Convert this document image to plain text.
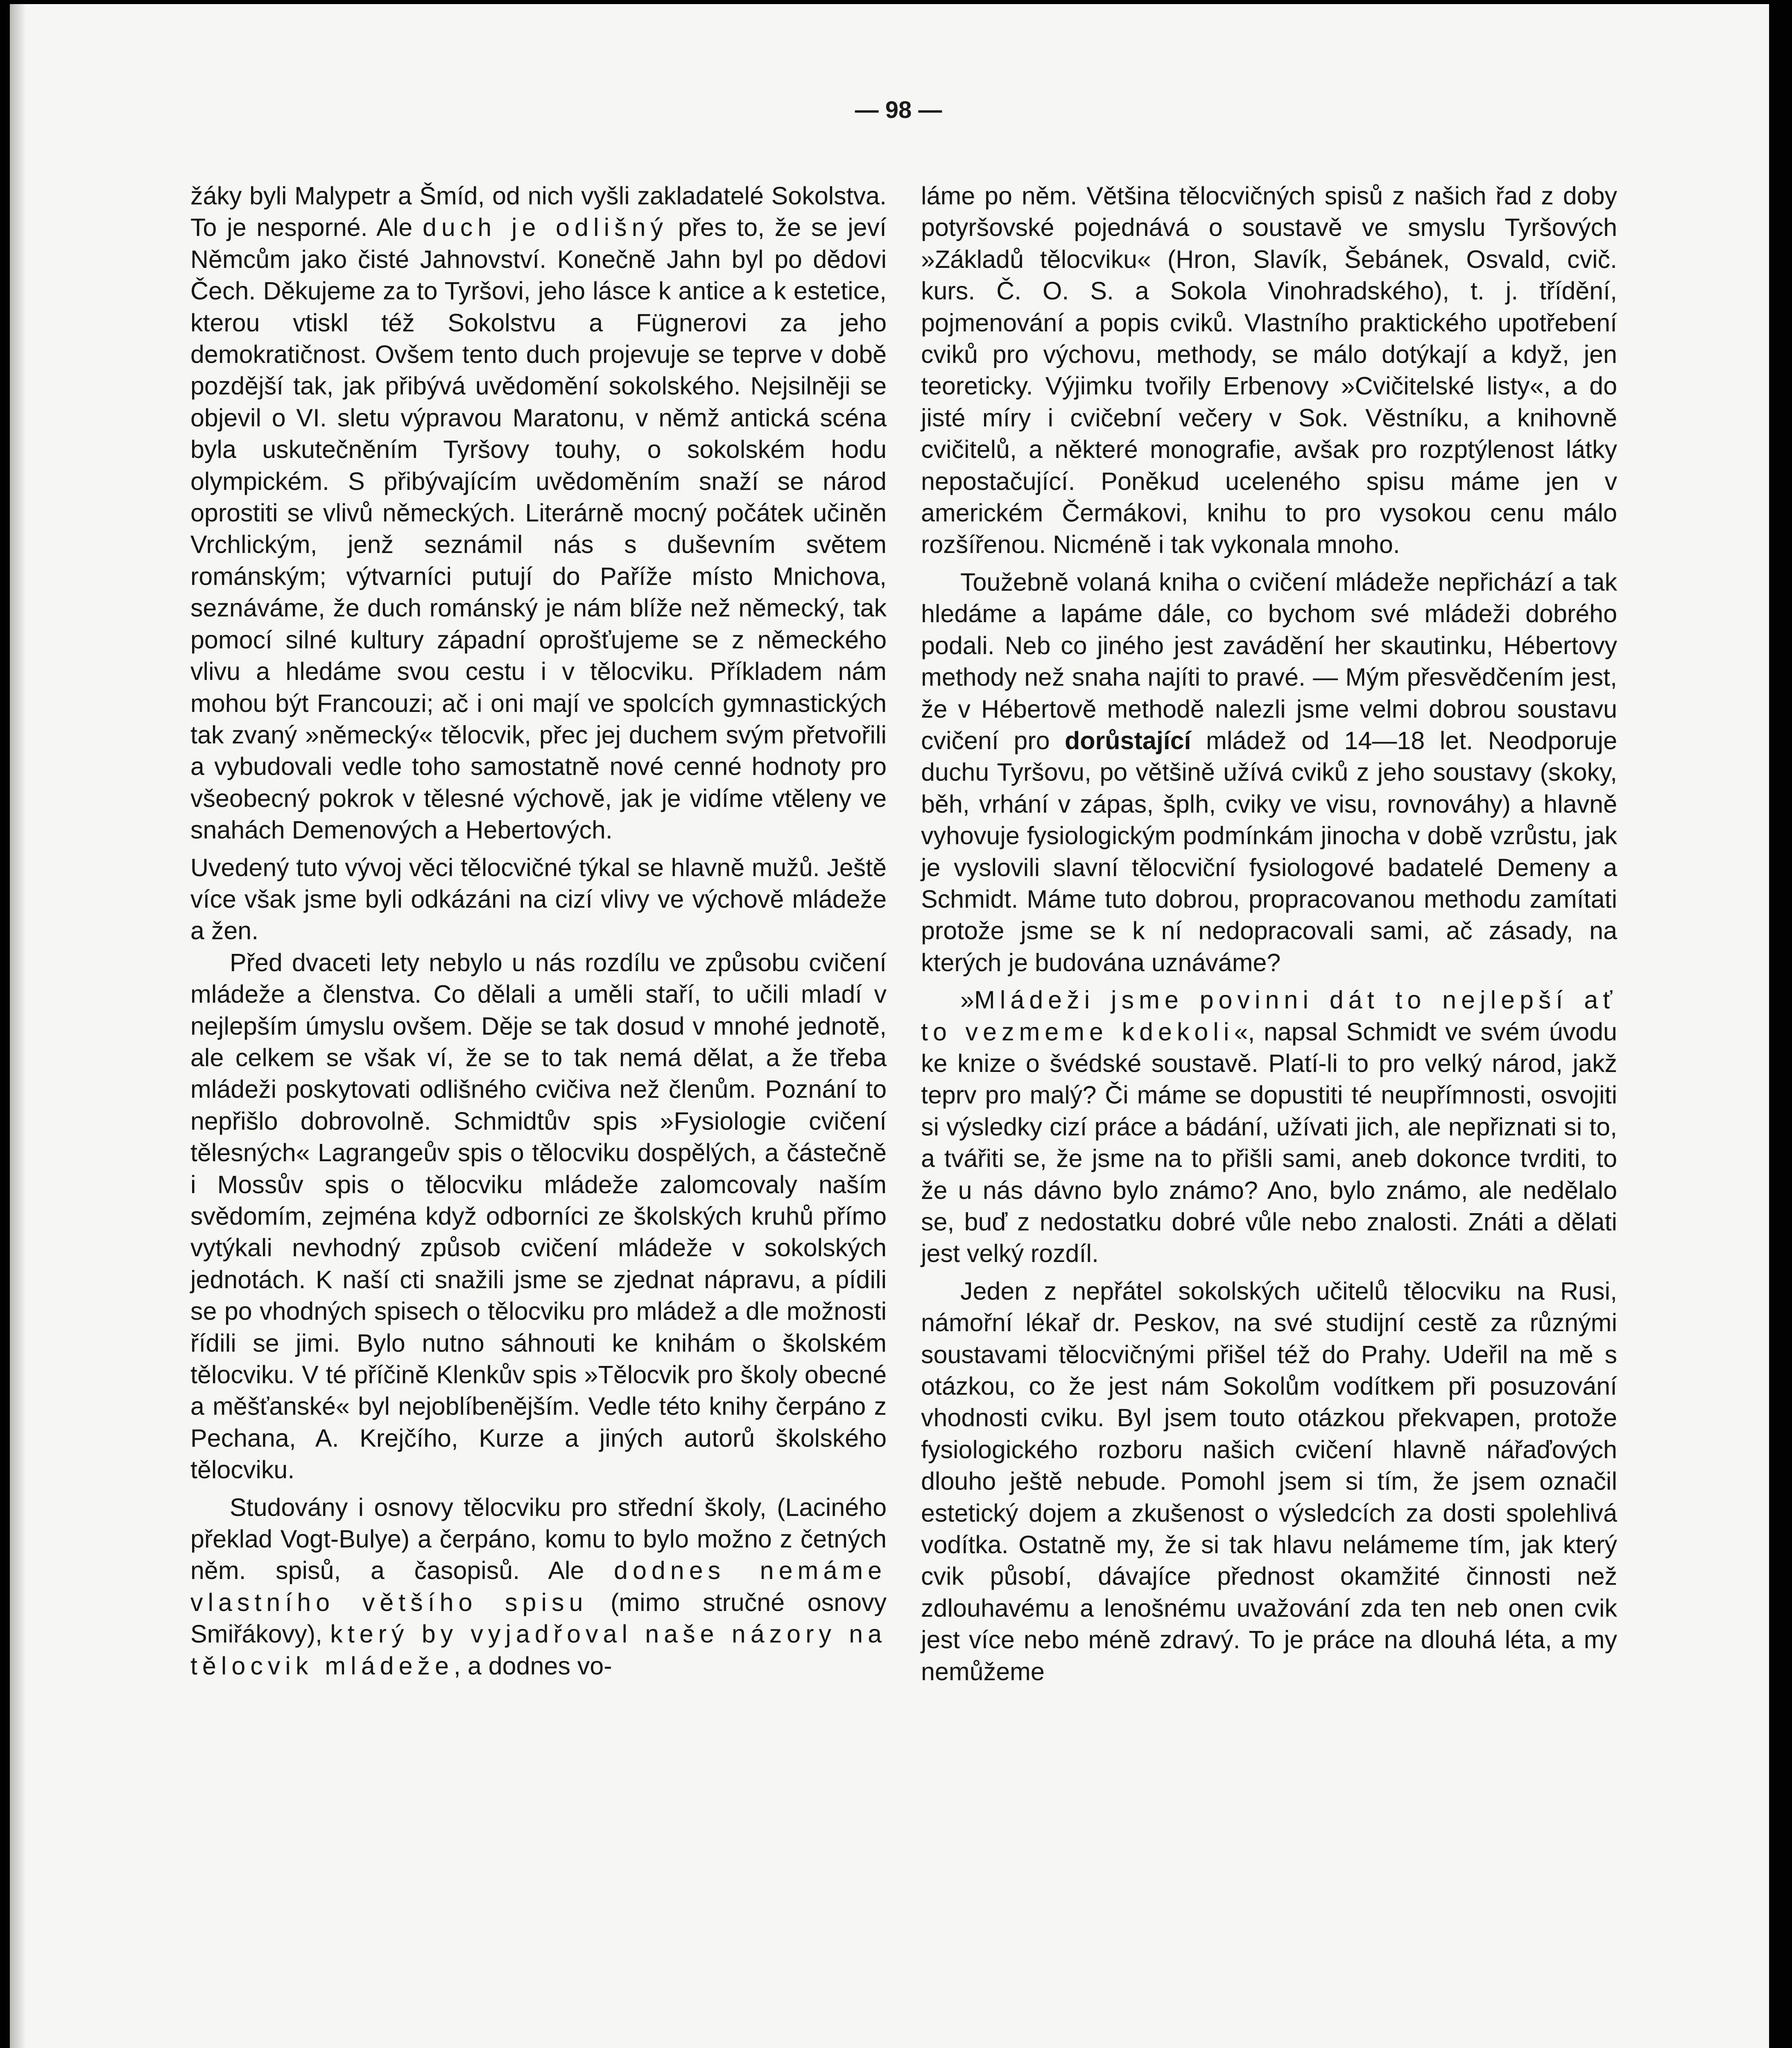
— 98 —

žáky byli Malypetr a Šmíd, od nich vyšli zakladatelé Sokolstva. To je nesporné. Ale duch je odlišný přes to, že se jeví Němcům jako čisté Jahnovství. Konečně Jahn byl po dědovi Čech. Děkujeme za to Tyršovi, jeho lásce k antice a k estetice, kterou vtiskl též Sokolstvu a Fügnerovi za jeho demokratičnost. Ovšem tento duch projevuje se teprve v době pozdější tak, jak přibývá uvědomění sokolského. Nejsilněji se objevil o VI. sletu výpravou Maratonu, v němž antická scéna byla uskutečněním Tyršovy touhy, o sokolském hodu olympickém. S přibývajícím uvědoměním snaží se národ oprostiti se vlivů německých. Literárně mocný počátek učiněn Vrchlickým, jenž seznámil nás s duševním světem románským; výtvarníci putují do Paříže místo Mnichova, seznáváme, že duch románský je nám blíže než německý, tak pomocí silné kultury západní oprošťujeme se z německého vlivu a hledáme svou cestu i v tělocviku. Příkladem nám mohou být Francouzi; ač i oni mají ve spolcích gymnastických tak zvaný »německý« tělocvik, přec jej duchem svým přetvořili a vybudovali vedle toho samostatně nové cenné hodnoty pro všeobecný pokrok v tělesné výchově, jak je vidíme vtěleny ve snahách Demenových a Hebertových.

Uvedený tuto vývoj věci tělocvičné týkal se hlavně mužů. Ještě více však jsme byli odkázáni na cizí vlivy ve výchově mládeže a žen.

Před dvaceti lety nebylo u nás rozdílu ve způsobu cvičení mládeže a členstva. Co dělali a uměli staří, to učili mladí v nejlepším úmyslu ovšem. Děje se tak dosud v mnohé jednotě, ale celkem se však ví, že se to tak nemá dělat, a že třeba mládeži poskytovati odlišného cvičiva než členům. Poznání to nepřišlo dobrovolně. Schmidtův spis »Fysiologie cvičení tělesných« Lagrangeův spis o tělocviku dospělých, a částečně i Mossův spis o tělocviku mládeže zalomcovaly naším svědomím, zejména když odborníci ze školských kruhů přímo vytýkali nevhodný způsob cvičení mládeže v sokolských jednotách. K naší cti snažili jsme se zjednat nápravu, a pídili se po vhodných spisech o tělocviku pro mládež a dle možnosti řídili se jimi. Bylo nutno sáhnouti ke knihám o školském tělocviku. V té příčině Klenkův spis »Tělocvik pro školy obecné a měšťanské« byl nejoblíbenějším. Vedle této knihy čerpáno z Pechana, A. Krejčího, Kurze a jiných autorů školského tělocviku.

Studovány i osnovy tělocviku pro střední školy, (Laciného překlad Vogt-Bulye) a čerpáno, komu to bylo možno z četných něm. spisů, a časopisů. Ale dodnes nemáme vlastního většího spisu (mimo stručné osnovy Smiřákovy), který by vyjadřoval naše názory na tělocvik mládeže, a dodnes vo-

láme po něm. Většina tělocvičných spisů z našich řad z doby potyršovské pojednává o soustavě ve smyslu Tyršových »Základů tělocviku« (Hron, Slavík, Šebánek, Osvald, cvič. kurs. Č. O. S. a Sokola Vinohradského), t. j. třídění, pojmenování a popis cviků. Vlastního praktického upotřebení cviků pro výchovu, methody, se málo dotýkají a když, jen teoreticky. Výjimku tvořily Erbenovy »Cvičitelské listy«, a do jisté míry i cvičební večery v Sok. Věstníku, a knihovně cvičitelů, a některé monografie, avšak pro rozptýlenost látky nepostačující. Poněkud uceleného spisu máme jen v americkém Čermákovi, knihu to pro vysokou cenu málo rozšířenou. Nicméně i tak vykonala mnoho.

Toužebně volaná kniha o cvičení mládeže nepřichází a tak hledáme a lapáme dále, co bychom své mládeži dobrého podali. Neb co jiného jest zavádění her skautinku, Hébertovy methody než snaha najíti to pravé. — Mým přesvědčením jest, že v Hébertově methodě nalezli jsme velmi dobrou soustavu cvičení pro dorůstající mládež od 14—18 let. Neodporuje duchu Tyršovu, po většině užívá cviků z jeho soustavy (skoky, běh, vrhání v zápas, šplh, cviky ve visu, rovnováhy) a hlavně vyhovuje fysiologickým podmínkám jinocha v době vzrůstu, jak je vyslovili slavní tělocviční fysiologové badatelé Demeny a Schmidt. Máme tuto dobrou, propracovanou methodu zamítati protože jsme se k ní nedopracovali sami, ač zásady, na kterých je budována uznáváme?

»Mládeži jsme povinni dát to nejlepší ať to vezmeme kdekoli«, napsal Schmidt ve svém úvodu ke knize o švédské soustavě. Platí-li to pro velký národ, jakž teprv pro malý? Či máme se dopustiti té neupřímnosti, osvojiti si výsledky cizí práce a bádání, užívati jich, ale nepřiznati si to, a tvářiti se, že jsme na to přišli sami, aneb dokonce tvrditi, to že u nás dávno bylo známo? Ano, bylo známo, ale nedělalo se, buď z nedostatku dobré vůle nebo znalosti. Znáti a dělati jest velký rozdíl.

Jeden z nepřátel sokolských učitelů tělocviku na Rusi, námořní lékař dr. Peskov, na své studijní cestě za různými soustavami tělocvičnými přišel též do Prahy. Udeřil na mě s otázkou, co že jest nám Sokolům vodítkem při posuzování vhodnosti cviku. Byl jsem touto otázkou překvapen, protože fysiologického rozboru našich cvičení hlavně nářaďových dlouho ještě nebude. Pomohl jsem si tím, že jsem označil estetický dojem a zkušenost o výsledcích za dosti spolehlivá vodítka. Ostatně my, že si tak hlavu nelámeme tím, jak který cvik působí, dávajíce přednost okamžité činnosti než zdlouhavému a lenošnému uvažování zda ten neb onen cvik jest více nebo méně zdravý. To je práce na dlouhá léta, a my nemůžeme
